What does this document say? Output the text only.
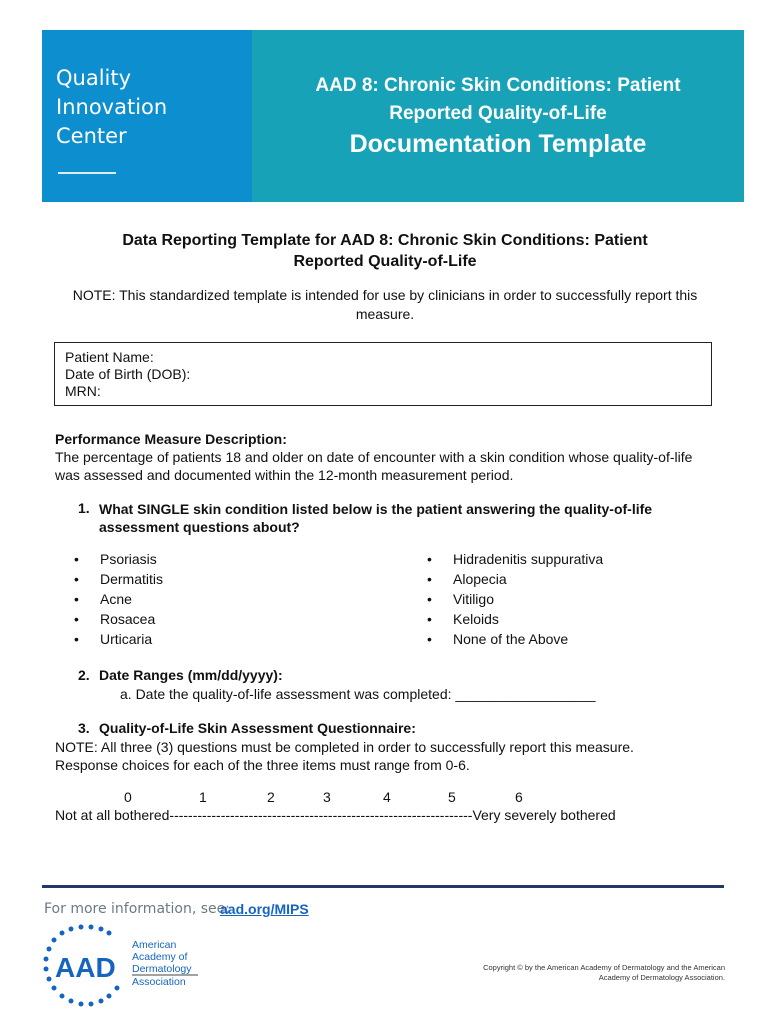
Quality
Innovation
Center
AAD 8: Chronic Skin Conditions: Patient
Reported Quality-of-Life
Documentation Template
Data Reporting Template for AAD 8: Chronic Skin Conditions: Patient
Reported Quality-of-Life
NOTE: This standardized template is intended for use by clinicians in order to successfully report this
measure.
Patient Name:
Date of Birth (DOB):
MRN:
Performance Measure Description:
The percentage of patients 18 and older on date of encounter with a skin condition whose quality-of-life
was assessed and documented within the 12-month measurement period.
1. What SINGLE skin condition listed below is the patient answering the quality-of-life
assessment questions about?
• Psoriasis
• Dermatitis
• Acne
• Rosacea
• Urticaria
• Hidradenitis suppurativa
• Alopecia
• Vitiligo
• Keloids
• None of the Above
2. Date Ranges (mm/dd/yyyy):
a. Date the quality-of-life assessment was completed: __________________
3. Quality-of-Life Skin Assessment Questionnaire:
NOTE: All three (3) questions must be completed in order to successfully report this measure.
Response choices for each of the three items must range from 0-6.
0	1	2	3	4	5	6
Not at all bothered-----------------------------------------------------------------Very severely bothered
For more information, see:
aad.org/MIPS
AAD
American
Academy of
Dermatology
Association
Copyright © by the American Academy of Dermatology and the American
Academy of Dermatology Association.
